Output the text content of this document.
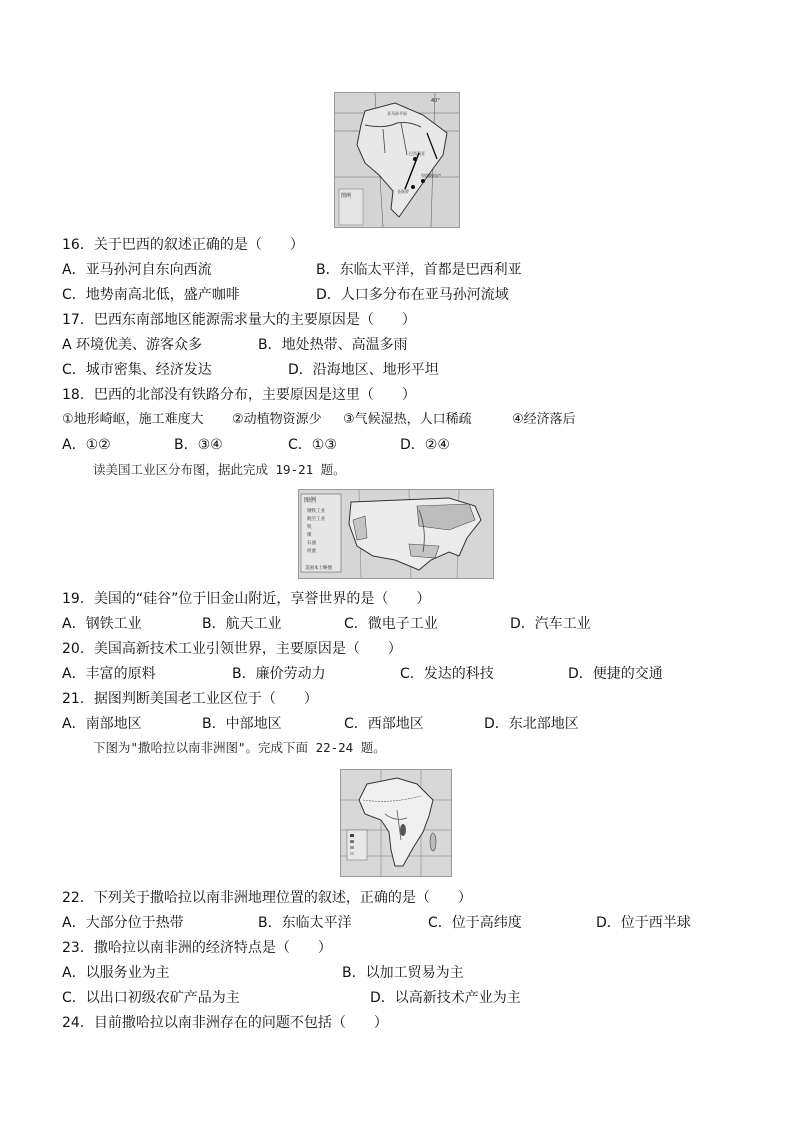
图例
40°
亚马孙平原
巴西利亚
里约热内卢
圣保罗
16．关于巴西的叙述正确的是（　　）
A．亚马孙河自东向西流	B．东临太平洋，首都是巴西利亚
C．地势南高北低，盛产咖啡	D．人口多分布在亚马孙河流域
17．巴西东南部地区能源需求量大的主要原因是（　　）
A 环境优美、游客众多	B．地处热带、高温多雨
C．城市密集、经济发达	D．沿海地区、地形平坦
18．巴西的北部没有铁路分布，主要原因是这里（　　）
①地形崎岖，施工难度大 ②动植物资源少 ③气候湿热，人口稀疏	④经济落后
A．①②	B．③④	C．①③	D．②④
读美国工业区分布图，据此完成 19-21 题。
图例
钢铁工业
航空工业
铁
煤
石油
河流
美国本土略图
19．美国的“硅谷”位于旧金山附近，享誉世界的是（　　）
A．钢铁工业	B．航天工业	C．微电子工业	D．汽车工业
20．美国高新技术工业引领世界，主要原因是（　　）
A．丰富的原料	B．廉价劳动力	C．发达的科技	D．便捷的交通
21．据图判断美国老工业区位于（　　）
A．南部地区	B．中部地区	C．西部地区	D．东北部地区
下图为"撒哈拉以南非洲图"。完成下面 22-24 题。
22．下列关于撒哈拉以南非洲地理位置的叙述，正确的是（　　）
A．大部分位于热带	B．东临太平洋	C．位于高纬度	D．位于西半球
23．撒哈拉以南非洲的经济特点是（　　）
A．以服务业为主	B．以加工贸易为主
C．以出口初级农矿产品为主	D．以高新技术产业为主
24．目前撒哈拉以南非洲存在的问题不包括（　　）
